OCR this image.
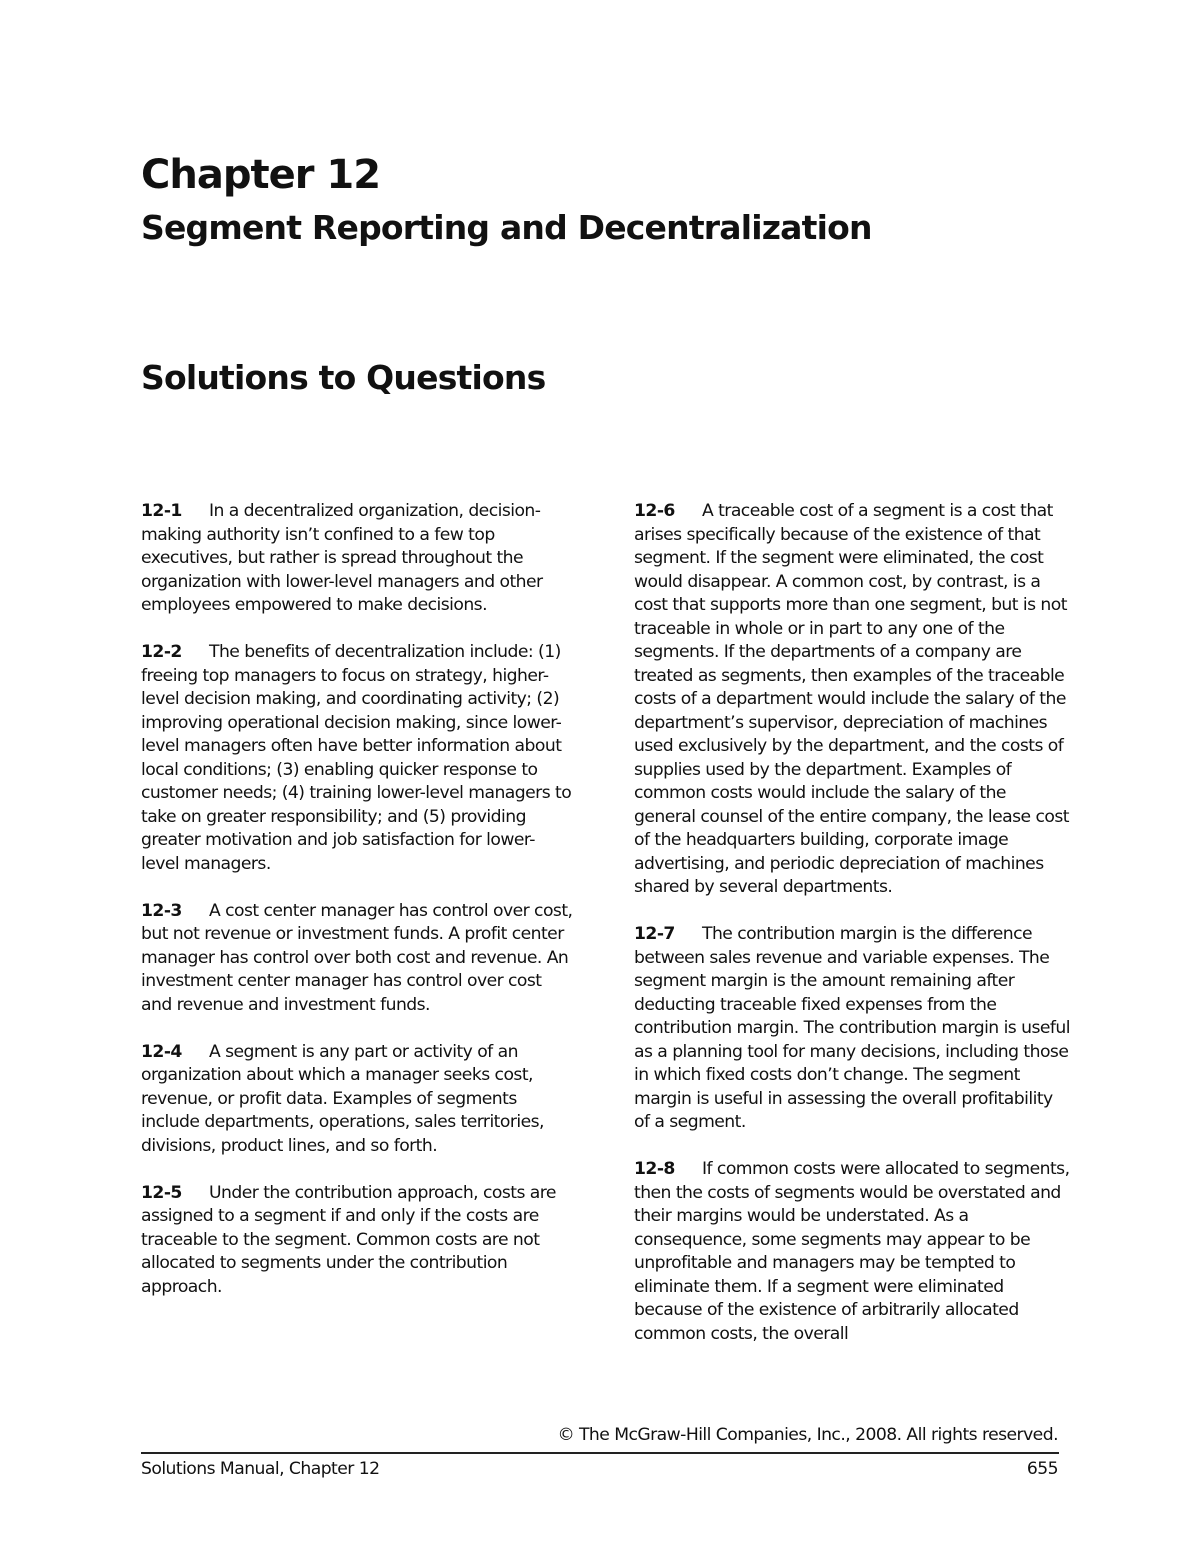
Chapter 12
Segment Reporting and Decentralization
Solutions to Questions

12-1 In a decentralized organization, decision-making authority isn’t confined to a few top executives, but rather is spread throughout the organization with lower-level managers and other employees empowered to make decisions.

12-2 The benefits of decentralization include: (1) freeing top managers to focus on strategy, higher-level decision making, and coordinating activity; (2) improving operational decision making, since lower-level managers often have better information about local conditions; (3) enabling quicker response to customer needs; (4) training lower-level managers to take on greater responsibility; and (5) providing greater motivation and job satisfaction for lower-level managers.

12-3 A cost center manager has control over cost, but not revenue or investment funds. A profit center manager has control over both cost and revenue. An investment center manager has control over cost and revenue and investment funds.

12-4 A segment is any part or activity of an organization about which a manager seeks cost, revenue, or profit data. Examples of segments include departments, operations, sales territories, divisions, product lines, and so forth.

12-5 Under the contribution approach, costs are assigned to a segment if and only if the costs are traceable to the segment. Common costs are not allocated to segments under the contribution approach.

12-6 A traceable cost of a segment is a cost that arises specifically because of the existence of that segment. If the segment were eliminated, the cost would disappear. A common cost, by contrast, is a cost that supports more than one segment, but is not traceable in whole or in part to any one of the segments. If the departments of a company are treated as segments, then examples of the traceable costs of a department would include the salary of the department’s supervisor, depreciation of machines used exclusively by the department, and the costs of supplies used by the department. Examples of common costs would include the salary of the general counsel of the entire company, the lease cost of the headquarters building, corporate image advertising, and periodic depreciation of machines shared by several departments.

12-7 The contribution margin is the difference between sales revenue and variable expenses. The segment margin is the amount remaining after deducting traceable fixed expenses from the contribution margin. The contribution margin is useful as a planning tool for many decisions, including those in which fixed costs don’t change. The segment margin is useful in assessing the overall profitability of a segment.

12-8 If common costs were allocated to segments, then the costs of segments would be overstated and their margins would be understated. As a consequence, some segments may appear to be unprofitable and managers may be tempted to eliminate them. If a segment were eliminated because of the existence of arbitrarily allocated common costs, the overall

© The McGraw-Hill Companies, Inc., 2008. All rights reserved.
Solutions Manual, Chapter 12	655
